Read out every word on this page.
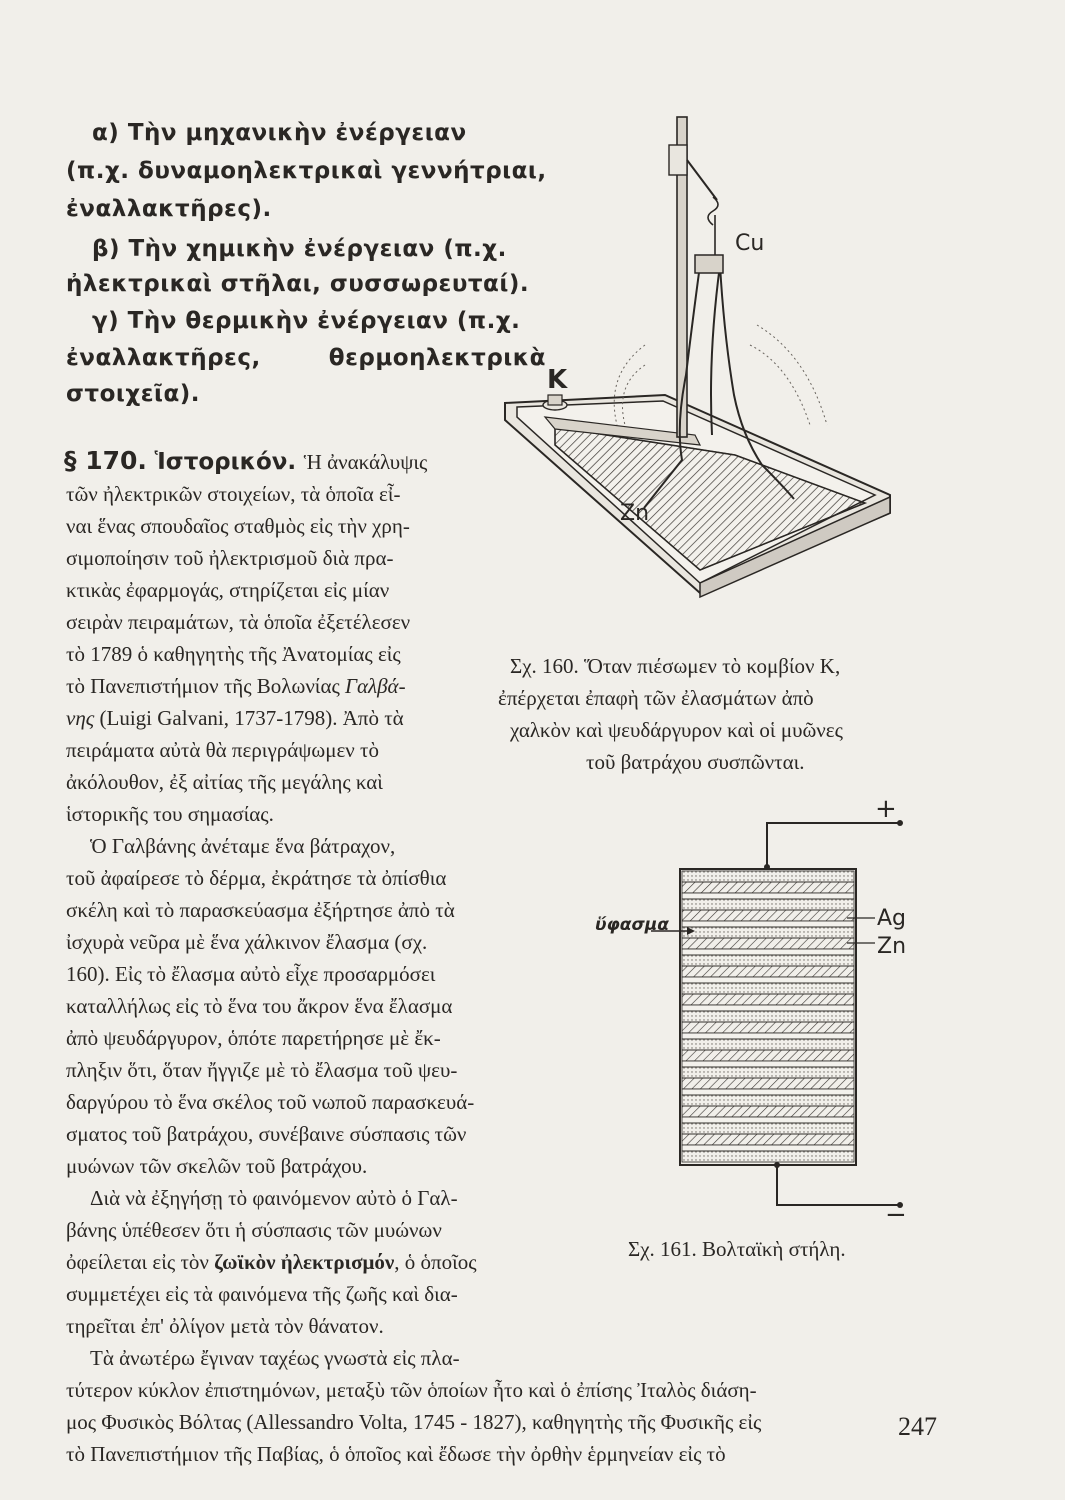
α) Τὴν μηχανικὴν ἐνέργειαν

(π.χ. δυναμοηλεκτρικαὶ γεννήτριαι,

ἐναλλακτῆρες).

β) Τὴν χημικὴν ἐνέργειαν (π.χ.

ἠλεκτρικαὶ στῆλαι, συσσωρευταί).

γ) Τὴν θερμικὴν ἐνέργειαν (π.χ.

ἐναλλακτῆρες,        θερμοηλεκτρικὰ

στοιχεῖα).

§ 170. Ἱστορικόν. Ἡ ἀνακάλυψις

τῶν ἠλεκτρικῶν στοιχείων, τὰ ὁποῖα εἶ-

ναι ἕνας σπουδαῖος σταθμὸς εἰς τὴν χρη-

σιμοποίησιν τοῦ ἠλεκτρισμοῦ διὰ πρα-

κτικὰς ἐφαρμογάς, στηρίζεται εἰς μίαν

σειρὰν πειραμάτων, τὰ ὁποῖα ἐξετέλεσεν

τὸ 1789 ὁ καθηγητὴς τῆς Ἀνατομίας εἰς

τὸ Πανεπιστήμιον τῆς Βολωνίας Γαλβά-

νης (Luigi Galvani, 1737-1798). Ἀπὸ τὰ

πειράματα αὐτὰ θὰ περιγράψωμεν τὸ

ἀκόλουθον, ἐξ αἰτίας τῆς μεγάλης καὶ

ἱστορικῆς του σημασίας.

Ὁ Γαλβάνης ἀνέταμε ἕνα βάτραχον,

τοῦ ἀφαίρεσε τὸ δέρμα, ἐκράτησε τὰ ὀπίσθια

σκέλη καὶ τὸ παρασκεύασμα ἐξήρτησε ἀπὸ τὰ

ἰσχυρὰ νεῦρα μὲ ἕνα χάλκινον ἔλασμα (σχ.

160). Εἰς τὸ ἔλασμα αὐτὸ εἶχε προσαρμόσει

καταλλήλως εἰς τὸ ἕνα του ἄκρον ἕνα ἔλασμα

ἀπὸ ψευδάργυρον, ὁπότε παρετήρησε μὲ ἔκ-

πληξιν ὅτι, ὅταν ἤγγιζε μὲ τὸ ἔλασμα τοῦ ψευ-

δαργύρου τὸ ἕνα σκέλος τοῦ νωποῦ παρασκευά-

σματος τοῦ βατράχου, συνέβαινε σύσπασις τῶν

μυώνων τῶν σκελῶν τοῦ βατράχου.

Διὰ νὰ ἐξηγήσῃ τὸ φαινόμενον αὐτὸ ὁ Γαλ-

βάνης ὑπέθεσεν ὅτι ἡ σύσπασις τῶν μυώνων

ὀφείλεται εἰς τὸν ζωϊκὸν ἠλεκτρισμόν, ὁ ὁποῖος

συμμετέχει εἰς τὰ φαινόμενα τῆς ζωῆς καὶ δια-

τηρεῖται ἐπ' ὀλίγον μετὰ τὸν θάνατον.

Τὰ ἀνωτέρω ἔγιναν ταχέως γνωστὰ εἰς πλα-

τύτερον κύκλον ἐπιστημόνων, μεταξὺ τῶν ὁποίων ἦτο καὶ ὁ ἐπίσης Ἰταλὸς διάση-

μος Φυσικὸς Βόλτας (Allessandro Volta, 1745 - 1827), καθηγητὴς τῆς Φυσικῆς εἰς

τὸ Πανεπιστήμιον τῆς Παβίας, ὁ ὁποῖος καὶ ἔδωσε τὴν ὀρθὴν ἑρμηνείαν εἰς τὸ

Cu
K
Zn

Σχ. 160. Ὅταν πιέσωμεν τὸ κομβίον Κ,

ἐπέρχεται ἐπαφὴ τῶν ἐλασμάτων ἀπὸ

χαλκὸν καὶ ψευδάργυρον καὶ οἱ μυῶνες

τοῦ βατράχου συσπῶνται.

+
−
ὕφασμα	Ag
Zn

Σχ. 161. Βολταϊκὴ στήλη.

247
